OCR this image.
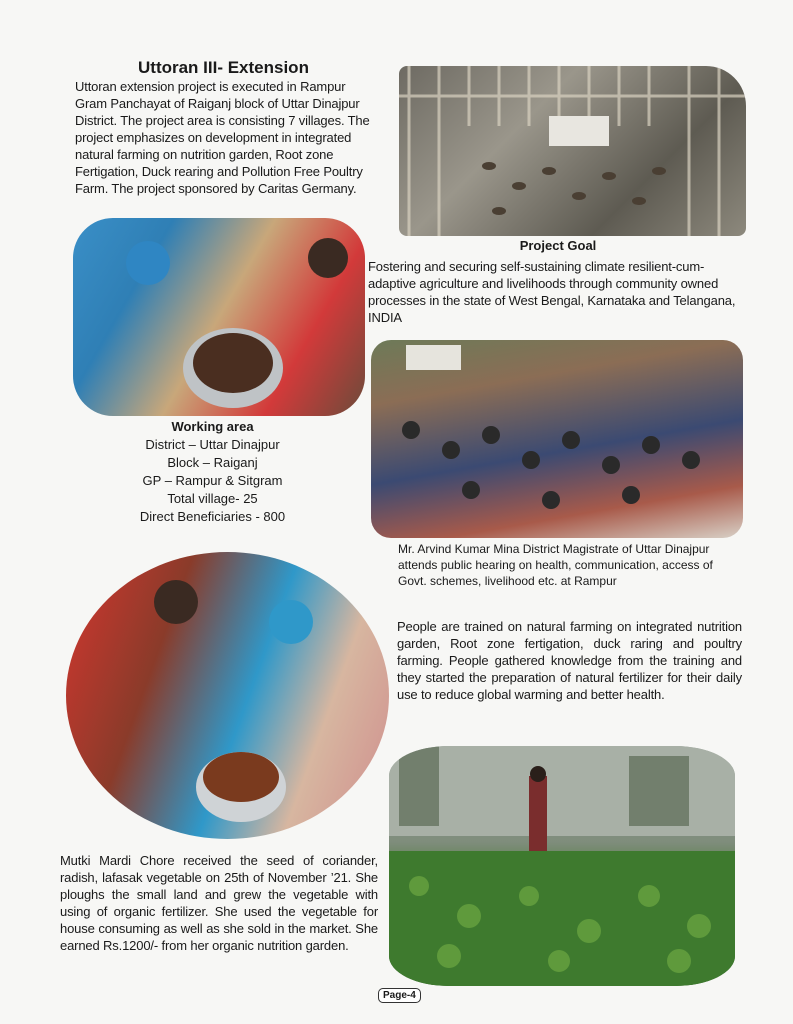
Uttoran III- Extension
Uttoran extension project is executed in Rampur Gram Panchayat of Raiganj block of Uttar Dinajpur District. The project area is consisting 7 villages. The project emphasizes on development in integrated natural farming on nutrition garden, Root zone Fertigation, Duck rearing and Pollution Free Poultry Farm. The project sponsored by Caritas Germany.
Project Goal
Fostering and securing self-sustaining climate resilient-cum-adaptive agriculture and livelihoods through community owned processes in the state of West Bengal, Karnataka and Telangana, INDIA
Working area
District – Uttar Dinajpur
Block – Raiganj
GP – Rampur & Sitgram
Total village- 25
Direct Beneficiaries - 800
Mr. Arvind Kumar Mina District Magistrate of Uttar Dinajpur attends public hearing on health, communication, access of Govt. schemes, livelihood etc. at Rampur
People are trained on natural farming on integrated nutrition garden, Root zone fertigation, duck raring and poultry farming. People gathered knowledge from the training and they started the preparation of natural fertilizer for their daily use to reduce global warming and better health.
Mutki Mardi Chore received the seed of coriander, radish, lafasak vegetable on 25th of November ’21. She ploughs the small land and grew the vegetable with using of organic fertilizer. She used the vegetable for house consuming as well as she sold in the market. She earned Rs.1200/- from her organic nutrition garden.
Page-4
